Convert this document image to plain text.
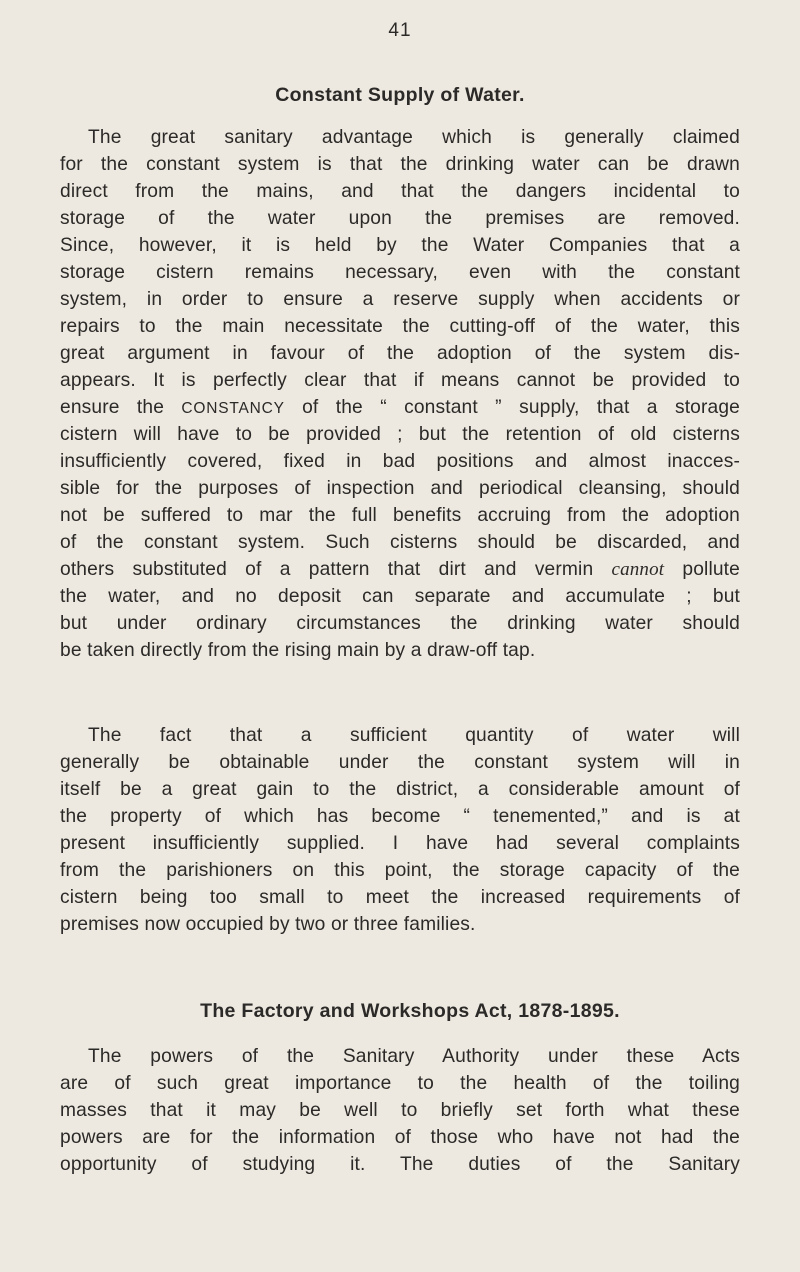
41
Constant Supply of Water.
The great sanitary advantage which is generally claimed
for the constant system is that the drinking water can be drawn
direct from the mains, and that the dangers incidental to
storage of the water upon the premises are removed.
Since, however, it is held by the Water Companies that a
storage cistern remains necessary, even with the constant
system, in order to ensure a reserve supply when accidents or
repairs to the main necessitate the cutting-off of the water, this
great argument in favour of the adoption of the system dis-
appears. It is perfectly clear that if means cannot be provided to
ensure the CONSTANCY of the “ constant ” supply, that a storage
cistern will have to be provided ; but the retention of old cisterns
insufficiently covered, fixed in bad positions and almost inacces-
sible for the purposes of inspection and periodical cleansing, should
not be suffered to mar the full benefits accruing from the adoption
of the constant system. Such cisterns should be discarded, and
others substituted of a pattern that dirt and vermin cannot pollute
the water, and no deposit can separate and accumulate ; but
but under ordinary circumstances the drinking water should
be taken directly from the rising main by a draw-off tap.
The fact that a sufficient quantity of water will
generally be obtainable under the constant system will in
itself be a great gain to the district, a considerable amount of
the property of which has become “ tenemented,” and is at
present insufficiently supplied. I have had several complaints
from the parishioners on this point, the storage capacity of the
cistern being too small to meet the increased requirements of
premises now occupied by two or three families.
The Factory and Workshops Act, 1878-1895.
The powers of the Sanitary Authority under these Acts
are of such great importance to the health of the toiling
masses that it may be well to briefly set forth what these
powers are for the information of those who have not had the
opportunity of studying it. The duties of the Sanitary
